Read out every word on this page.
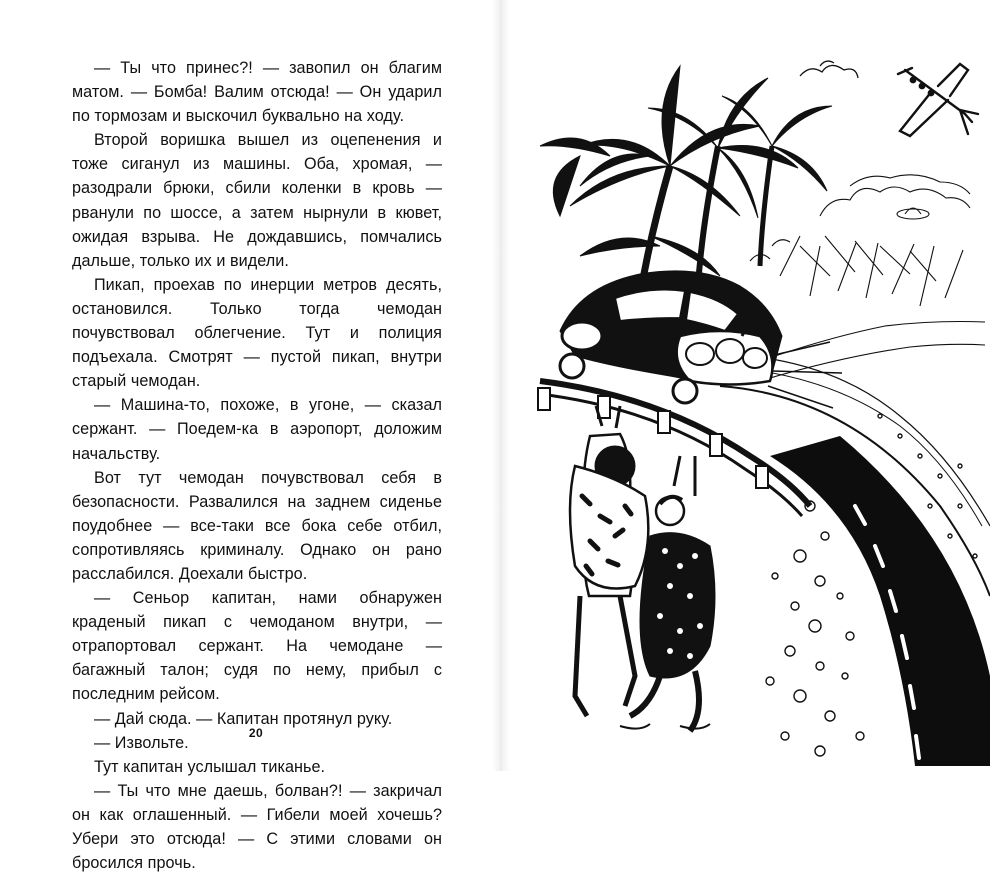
— Ты что принес?! — завопил он благим матом. — Бомба! Валим отсюда! — Он ударил по тормозам и выскочил буквально на ходу.

Второй воришка вышел из оцепенения и тоже сиганул из машины. Оба, хромая, — разодрали брюки, сбили коленки в кровь — рванули по шоссе, а затем нырнули в кювет, ожидая взрыва. Не дождавшись, помчались дальше, только их и видели.

Пикап, проехав по инерции метров десять, остановился. Только тогда чемодан почувствовал облегчение. Тут и полиция подъехала. Смотрят — пустой пикап, внутри старый чемодан.

— Машина-то, похоже, в угоне, — сказал сержант. — Поедем-ка в аэропорт, доложим начальству.

Вот тут чемодан почувствовал себя в безопасности. Развалился на заднем сиденье поудобнее — все-таки все бока себе отбил, сопротивляясь криминалу. Однако он рано расслабился. Доехали быстро.

— Сеньор капитан, нами обнаружен краденый пикап с чемоданом внутри, — отрапортовал сержант. На чемодане — багажный талон; судя по нему, прибыл с последним рейсом.

— Дай сюда. — Капитан протянул руку.

— Извольте.

Тут капитан услышал тиканье.

— Ты что мне даешь, болван?! — закричал он как оглашенный. — Гибели моей хочешь? Убери это отсюда! — С этими словами он бросился прочь.

20
